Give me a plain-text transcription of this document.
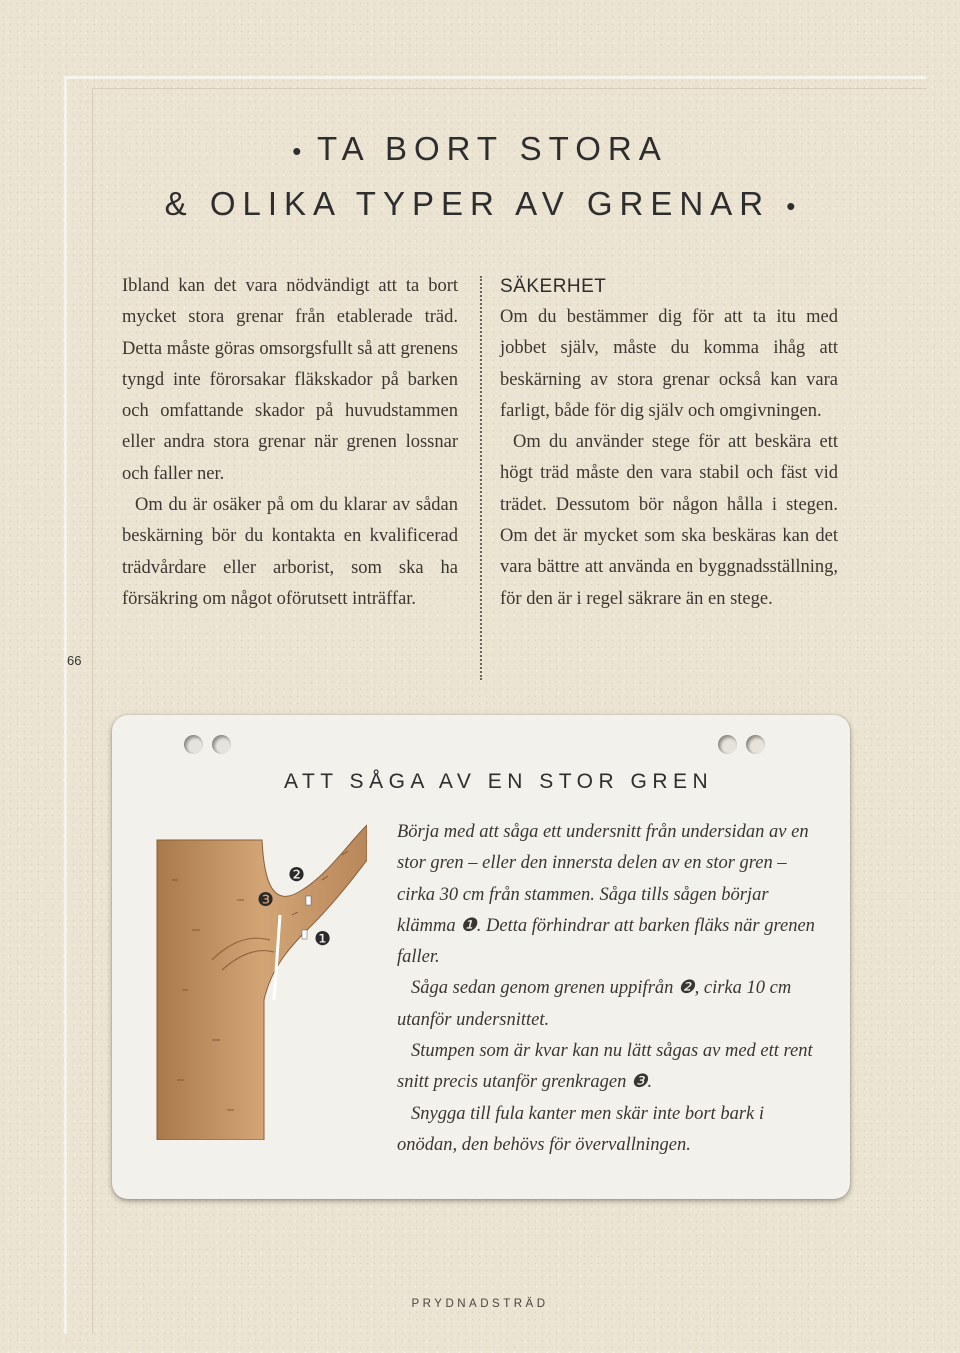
• TA BORT STORA
& OLIKA TYPER AV GRENAR •
66

Ibland kan det vara nödvändigt att ta bort mycket stora grenar från etablerade träd. Detta måste göras omsorgsfullt så att grenens tyngd inte förorsakar fläkskador på barken och omfattande skador på huvudstammen eller andra stora grenar när grenen lossnar och faller ner.

Om du är osäker på om du klarar av sådan beskärning bör du kontakta en kvalificerad trädvårdare eller arborist, som ska ha försäkring om något oförutsett inträffar.

SÄKERHET

Om du bestämmer dig för att ta itu med jobbet själv, måste du komma ihåg att beskärning av stora grenar också kan vara farligt, både för dig själv och omgivningen.

Om du använder stege för att beskära ett högt träd måste den vara stabil och fäst vid trädet. Dessutom bör någon hålla i stegen. Om det är mycket som ska beskäras kan det vara bättre att använda en byggnadsställning, för den är i regel säkrare än en stege.

ATT SÅGA AV EN STOR GREN
❸
❷
❶

Börja med att såga ett undersnitt från undersidan av en stor gren – eller den innersta delen av en stor gren – cirka 30 cm från stammen. Såga tills sågen börjar klämma ❶. Detta förhindrar att barken fläks när grenen faller.

Såga sedan genom grenen uppifrån ❷, cirka 10 cm utanför undersnittet.

Stumpen som är kvar kan nu lätt sågas av med ett rent snitt precis utanför grenkragen ❸.

Snygga till fula kanter men skär inte bort bark i onödan, den behövs för övervallningen.

PRYDNADSTRÄD
